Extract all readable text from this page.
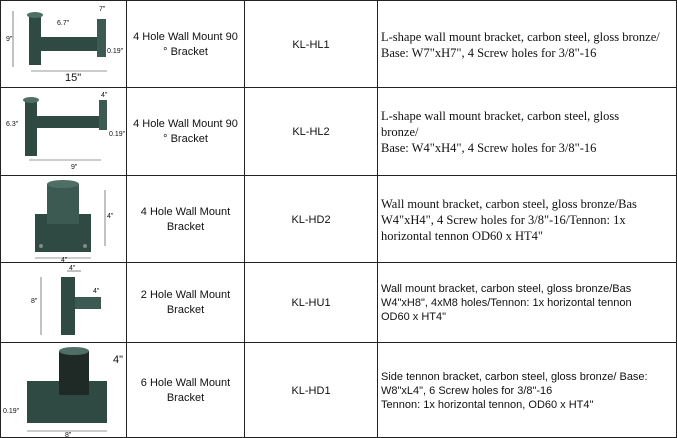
9"
6.7"
7"
15"
0.19"
4 Hole Wall Mount 90 ° Bracket
KL-HL1
L-shape wall mount bracket, carbon steel, gloss bronze/
Base: W7"xH7", 4 Screw holes for 3/8"-16
6.3"
4"
9"
0.19"
4 Hole Wall Mount 90 ° Bracket
KL-HL2
L-shape wall mount bracket, carbon steel, gloss
bronze/
Base: W4"xH4", 4 Screw holes for 3/8"-16
4"
4"
4 Hole Wall Mount Bracket
KL-HD2
Wall mount bracket, carbon steel, gloss bronze/Bas
W4"xH4", 4 Screw holes for 3/8"-16/Tennon: 1x
horizontal tennon OD60 x HT4"
4"
8"
4"	2 Hole Wall Mount Bracket
KL-HU1
Wall mount bracket, carbon steel, gloss bronze/Bas
W4"xH8", 4xM8 holes/Tennon: 1x horizontal tennon
OD60 x HT4"
4"
8"
0.19"
6 Hole Wall Mount Bracket
KL-HD1
Side tennon bracket, carbon steel, gloss bronze/ Base:
W8"xL4", 6 Screw holes for 3/8"-16
Tennon: 1x horizontal tennon, OD60 x HT4"
